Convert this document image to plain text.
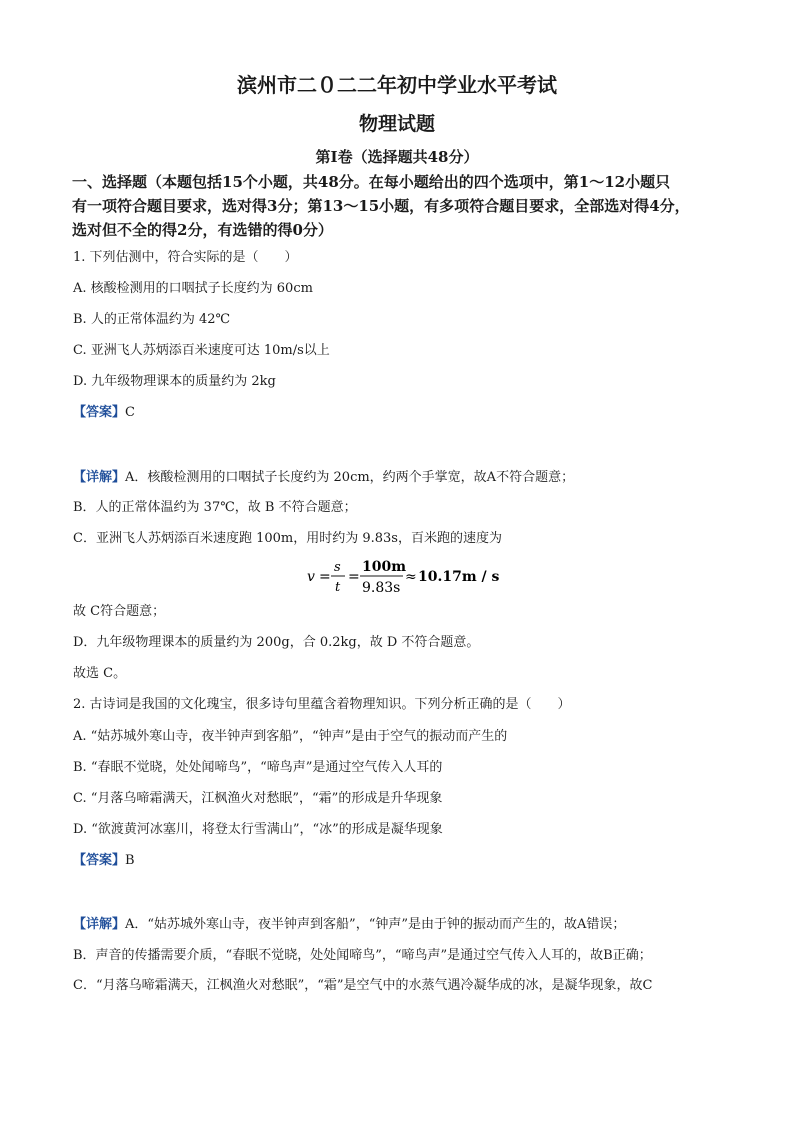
滨州市二０二二年初中学业水平考试
物理试题
第Ⅰ卷（选择题共48分）
一、选择题（本题包括15个小题，共48分。在每小题给出的四个选项中，第1～12小题只
有一项符合题目要求，选对得3分；第13～15小题，有多项符合题目要求，全部选对得4分，
选对但不全的得2分，有选错的得0分）
1. 下列估测中，符合实际的是（　　）
A. 核酸检测用的口咽拭子长度约为 60cm
B. 人的正常体温约为 42℃
C. 亚洲飞人苏炳添百米速度可达 10m/s以上
D. 九年级物理课本的质量约为 2kg
【答案】C
【详解】A．核酸检测用的口咽拭子长度约为 20cm，约两个手掌宽，故A不符合题意；
B．人的正常体温约为 37℃，故 B 不符合题意；
C．亚洲飞人苏炳添百米速度跑 100m，用时约为 9.83s，百米跑的速度为
v =
s
t
=
100m
9.83s
≈ 10.17m / s
故 C符合题意；
D．九年级物理课本的质量约为 200g，合 0.2kg，故 D 不符合题意。
故选 C。
2. 古诗词是我国的文化瑰宝，很多诗句里蕴含着物理知识。下列分析正确的是（　　）
A. “姑苏城外寒山寺，夜半钟声到客船”，“钟声”是由于空气的振动而产生的
B. “春眠不觉晓，处处闻啼鸟”，“啼鸟声”是通过空气传入人耳的
C. “月落乌啼霜满天，江枫渔火对愁眠”，“霜”的形成是升华现象
D. “欲渡黄河冰塞川，将登太行雪满山”，“冰”的形成是凝华现象
【答案】B
【详解】A．“姑苏城外寒山寺，夜半钟声到客船”，“钟声”是由于钟的振动而产生的，故A错误；
B．声音的传播需要介质，“春眠不觉晓，处处闻啼鸟”，“啼鸟声”是通过空气传入人耳的，故B正确；
C．“月落乌啼霜满天，江枫渔火对愁眠”，“霜”是空气中的水蒸气遇冷凝华成的冰，是凝华现象，故C
